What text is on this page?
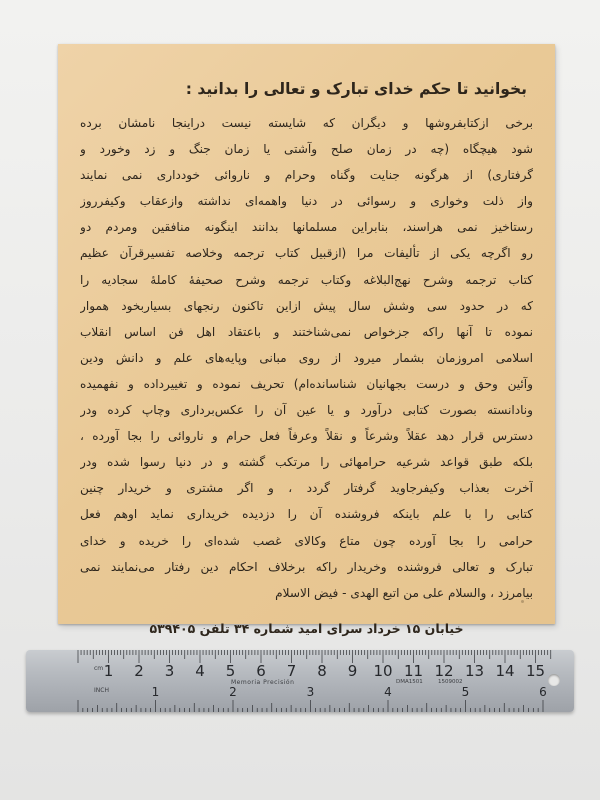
بخوانید تا حکم خدای تبارک و تعالی را بدانید :
برخی ازکتابفروشها و دیگران که شایسته نیست دراینجا نامشان برده
شود هیچگاه (چه در زمان صلح وآشتی یا زمان جنگ و زد وخورد و
گرفتاری) از هرگونه جنایت وگناه وحرام و ناروائی خودداری نمی نمایند
واز ذلت وخواری و رسوائی در دنیا واهمه‌ای نداشته وازعقاب وکیفرروز
رستاخیز نمی هراسند، بنابراین مسلمانها بدانند اینگونه منافقین ومردم دو
رو اگرچه یکی از تألیفات مرا (ازقبیل کتاب ترجمه وخلاصه تفسیرقرآن عظیم
کتاب ترجمه وشرح نهج‌البلاغه وکتاب ترجمه وشرح صحیفهٔ کاملهٔ سجادیه را
که در حدود سی وشش سال پیش ازاین تاکنون رنجهای بسیاربخود هموار
نموده تا آنها راکه جزخواص نمی‌شناختند و باعتقاد اهل فن اساس انقلاب
اسلامی امروزمان بشمار میرود از روی مبانی وپایه‌های علم و دانش ودین
وآئین وحق و درست بجهانیان شناسانده‌ام) تحریف نموده و تغییرداده و نفهمیده
ونادانسته بصورت کتابی درآورد و یا عین آن را عکس‌برداری وچاپ کرده ودر
دسترس قرار دهد عقلاً وشرعاً و نقلاً وعرفاً فعل حرام و ناروائی را بجا آورده ،
بلکه طبق قواعد شرعیه حرامهائی را مرتکب گشته و در دنیا رسوا شده ودر
آخرت بعذاب وکیفرجاوید گرفتار گردد ، و اگر مشتری و خریدار چنین
کتابی را با علم باینکه فروشنده آن را دزدیده خریداری نماید اوهم فعل
حرامی را بجا آورده چون متاع وکالای غصب شده‌ای را خریده و خدای
تبارک و تعالی فروشنده وخریدار راکه برخلاف احکام دین رفتار می‌نمایند نمی
بیامرزد ، والسلام علی من اتبع الهدی - فیض الاسلام
خیابان ۱۵ خرداد سرای امید شماره ۳۴ تلفن ۵۳۹۴۰۵
1 2 3 4 5 6 7 8 9 10 11 12 13 14 15
1	2	3	4	5	6
1509002
cm
INCH
Memoria Precisión	DMA1501
